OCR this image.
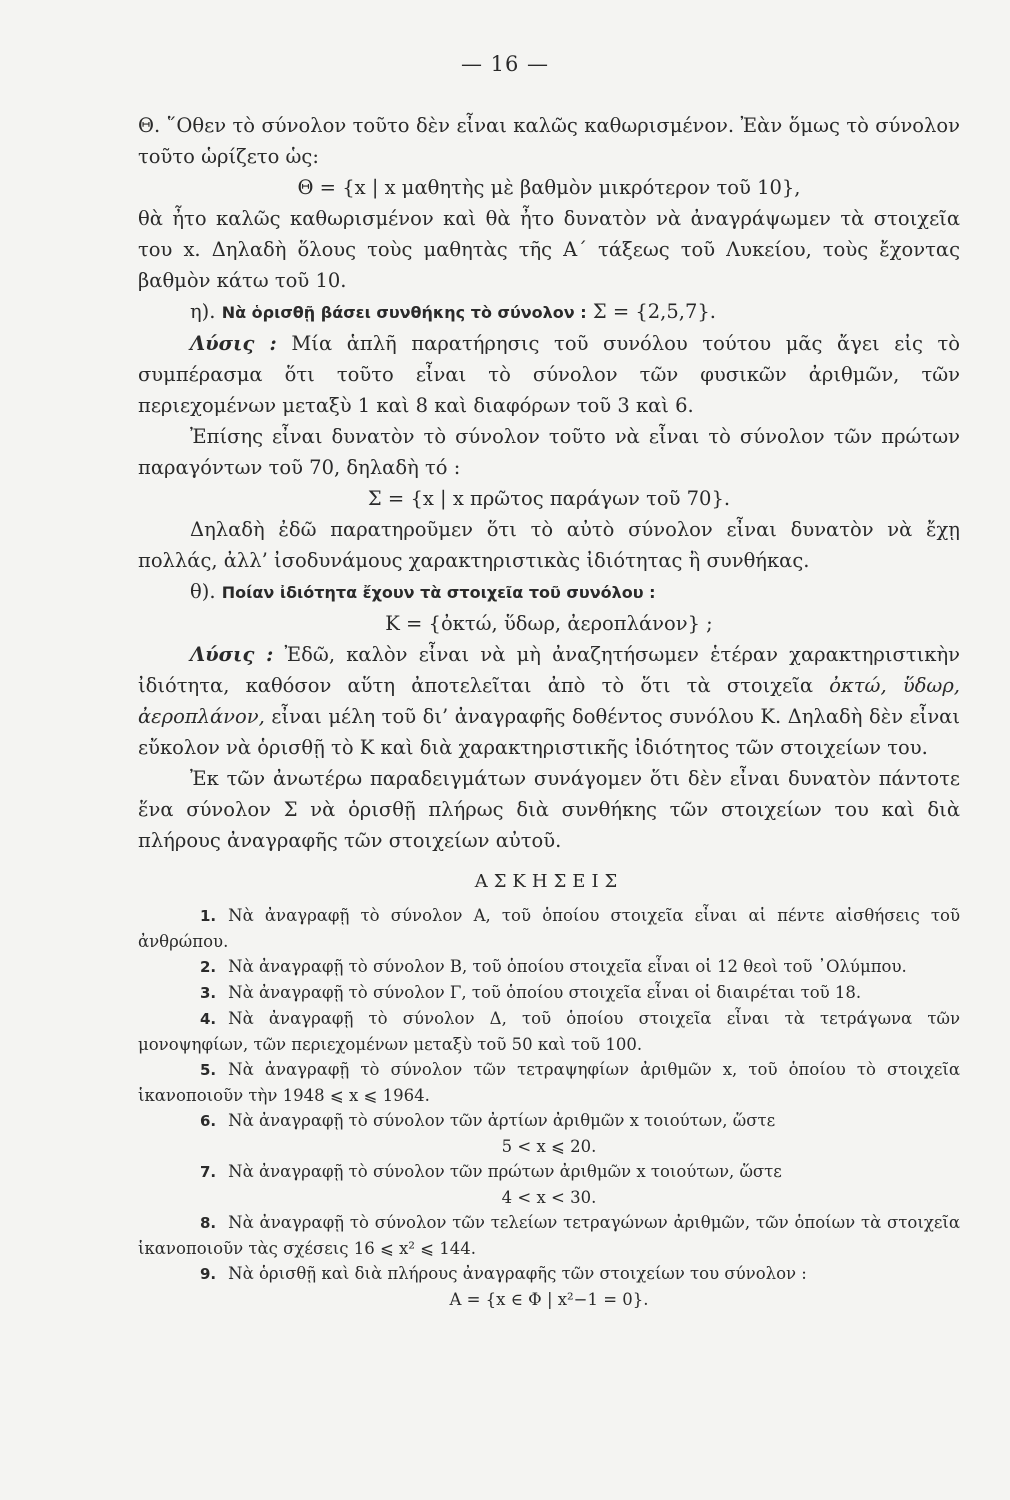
— 16 —

Θ. ῞Οθεν τὸ σύνολον τοῦτο δὲν εἶναι καλῶς καθωρισμένον. Ἐὰν ὅμως τὸ σύνολον τοῦτο ὡρίζετο ὡς:

Θ = {x | x μαθητὴς μὲ βαθμὸν μικρότερον τοῦ 10},

θὰ ἦτο καλῶς καθωρισμένον καὶ θὰ ἦτο δυνατὸν νὰ ἀναγράψωμεν τὰ στοιχεῖα του x. Δηλαδὴ ὅλους τοὺς μαθητὰς τῆς Α΄ τάξεως τοῦ Λυκείου, τοὺς ἔχοντας βαθμὸν κάτω τοῦ 10.

η). Νὰ ὁρισθῇ βάσει συνθήκης τὸ σύνολον : Σ = {2,5,7}.

Λύσις : Μία ἁπλῆ παρατήρησις τοῦ συνόλου τούτου μᾶς ἄγει εἰς τὸ συμπέρασμα ὅτι τοῦτο εἶναι τὸ σύνολον τῶν φυσικῶν ἀριθμῶν, τῶν περιεχομένων μεταξὺ 1 καὶ 8 καὶ διαφόρων τοῦ 3 καὶ 6.

Ἐπίσης εἶναι δυνατὸν τὸ σύνολον τοῦτο νὰ εἶναι τὸ σύνολον τῶν πρώτων παραγόντων τοῦ 70, δηλαδὴ τό :

Σ = {x | x πρῶτος παράγων τοῦ 70}.

Δηλαδὴ ἐδῶ παρατηροῦμεν ὅτι τὸ αὐτὸ σύνολον εἶναι δυνατὸν νὰ ἔχῃ πολλάς, ἀλλ’ ἰσοδυνάμους χαρακτηριστικὰς ἰδιότητας ἢ συνθήκας.

θ). Ποίαν ἰδιότητα ἔχουν τὰ στοιχεῖα τοῦ συνόλου :

Κ = {ὀκτώ, ὕδωρ, ἀεροπλάνον} ;

Λύσις : Ἐδῶ, καλὸν εἶναι νὰ μὴ ἀναζητήσωμεν ἑτέραν χαρακτηριστικὴν ἰδιότητα, καθόσον αὕτη ἀποτελεῖται ἀπὸ τὸ ὅτι τὰ στοιχεῖα ὀκτώ, ὕδωρ, ἀεροπλάνον, εἶναι μέλη τοῦ δι’ ἀναγραφῆς δοθέντος συνόλου Κ. Δηλαδὴ δὲν εἶναι εὔκολον νὰ ὁρισθῇ τὸ Κ καὶ διὰ χαρακτηριστικῆς ἰδιότητος τῶν στοιχείων του.

Ἐκ τῶν ἀνωτέρω παραδειγμάτων συνάγομεν ὅτι δὲν εἶναι δυνατὸν πάντοτε ἕνα σύνολον Σ νὰ ὁρισθῇ πλήρως διὰ συνθήκης τῶν στοιχείων του καὶ διὰ πλήρους ἀναγραφῆς τῶν στοιχείων αὐτοῦ.

ΑΣΚΗΣΕΙΣ

1. Νὰ ἀναγραφῇ τὸ σύνολον Α, τοῦ ὁποίου στοιχεῖα εἶναι αἱ πέντε αἰσθήσεις τοῦ ἀνθρώπου.

2. Νὰ ἀναγραφῇ τὸ σύνολον Β, τοῦ ὁποίου στοιχεῖα εἶναι οἱ 12 θεοὶ τοῦ ᾿Ολύμπου.

3. Νὰ ἀναγραφῇ τὸ σύνολον Γ, τοῦ ὁποίου στοιχεῖα εἶναι οἱ διαιρέται τοῦ 18.

4. Νὰ ἀναγραφῇ τὸ σύνολον Δ, τοῦ ὁποίου στοιχεῖα εἶναι τὰ τετράγωνα τῶν μονοψηφίων, τῶν περιεχομένων μεταξὺ τοῦ 50 καὶ τοῦ 100.

5. Νὰ ἀναγραφῇ τὸ σύνολον τῶν τετραψηφίων ἀριθμῶν x, τοῦ ὁποίου τὸ στοιχεῖα ἱκανοποιοῦν τὴν 1948 ⩽ x ⩽ 1964.

6. Νὰ ἀναγραφῇ τὸ σύνολον τῶν ἀρτίων ἀριθμῶν x τοιούτων, ὥστε

5 < x ⩽ 20.

7. Νὰ ἀναγραφῇ τὸ σύνολον τῶν πρώτων ἀριθμῶν x τοιούτων, ὥστε

4 < x < 30.

8. Νὰ ἀναγραφῇ τὸ σύνολον τῶν τελείων τετραγώνων ἀριθμῶν, τῶν ὁποίων τὰ στοιχεῖα ἱκανοποιοῦν τὰς σχέσεις 16 ⩽ x² ⩽ 144.

9. Νὰ ὁρισθῇ καὶ διὰ πλήρους ἀναγραφῆς τῶν στοιχείων του σύνολον :

Α = {x ∈ Φ | x²−1 = 0}.
